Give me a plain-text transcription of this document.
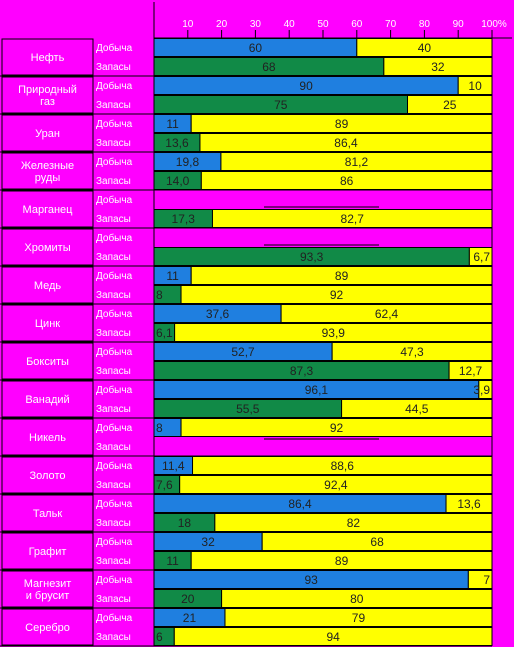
10 20 30 40 50 60 70 80 90 100%
Нефть
Добыча	60	40
Запасы	68	32
Природный
газ
Добыча	90	10
Запасы	75	25
Уран
Добыча	11	89
Запасы	13,6	86,4
Железные
руды
Добыча	19,8	81,2
Запасы	14,0	86
Марганец
Добыча
Запасы	17,3	82,7
Хромиты
Добыча
Запасы	93,3	6,7
Медь
Добыча	11	89
Запасы 8	92
Цинк
Добыча	37,6	62,4
Запасы 6,1	93,9
Бокситы
Добыча	52,7	47,3
Запасы	87,3	12,7
Ванадий
Добыча	96,1	3,9
Запасы	55,5	44,5
Никель
Добыча 8	92
Запасы
Золото
Добыча 11,4	88,6
Запасы 7,6	92,4
Тальк
Добыча	86,4	13,6
Запасы	18	82
Графит
Добыча	32	68
Запасы	11	89
Магнезит
и брусит
Добыча	93	7
Запасы	20	80
Серебро
Добыча	21	79
Запасы 6	94
